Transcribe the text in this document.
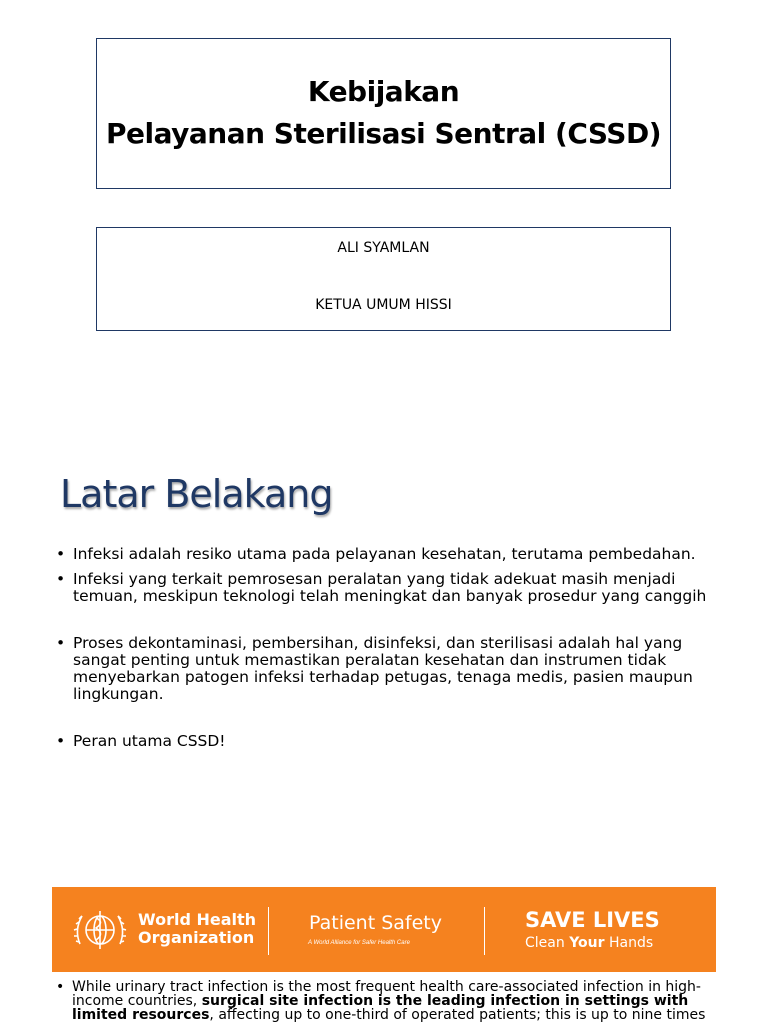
Kebijakan
Pelayanan Sterilisasi Sentral (CSSD)
ALI SYAMLAN
KETUA UMUM HISSI
Latar Belakang
• Infeksi adalah resiko utama pada pelayanan kesehatan, terutama pembedahan.
• Infeksi yang terkait pemrosesan peralatan yang tidak adekuat masih menjadi temuan, meskipun teknologi telah meningkat dan banyak prosedur yang canggih
• Proses dekontaminasi, pembersihan, disinfeksi, dan sterilisasi adalah hal yang sangat penting untuk memastikan peralatan kesehatan dan instrumen tidak menyebarkan patogen infeksi terhadap petugas, tenaga medis, pasien maupun lingkungan.
• Peran utama CSSD!
World Health
Organization
Patient Safety
A World Alliance for Safer Health Care
SAVE LIVES
Clean Your Hands
• While urinary tract infection is the most frequent health care-associated infection in high-income countries, surgical site infection is the leading infection in settings with limited resources, affecting up to one-third of operated patients; this is up to nine times
